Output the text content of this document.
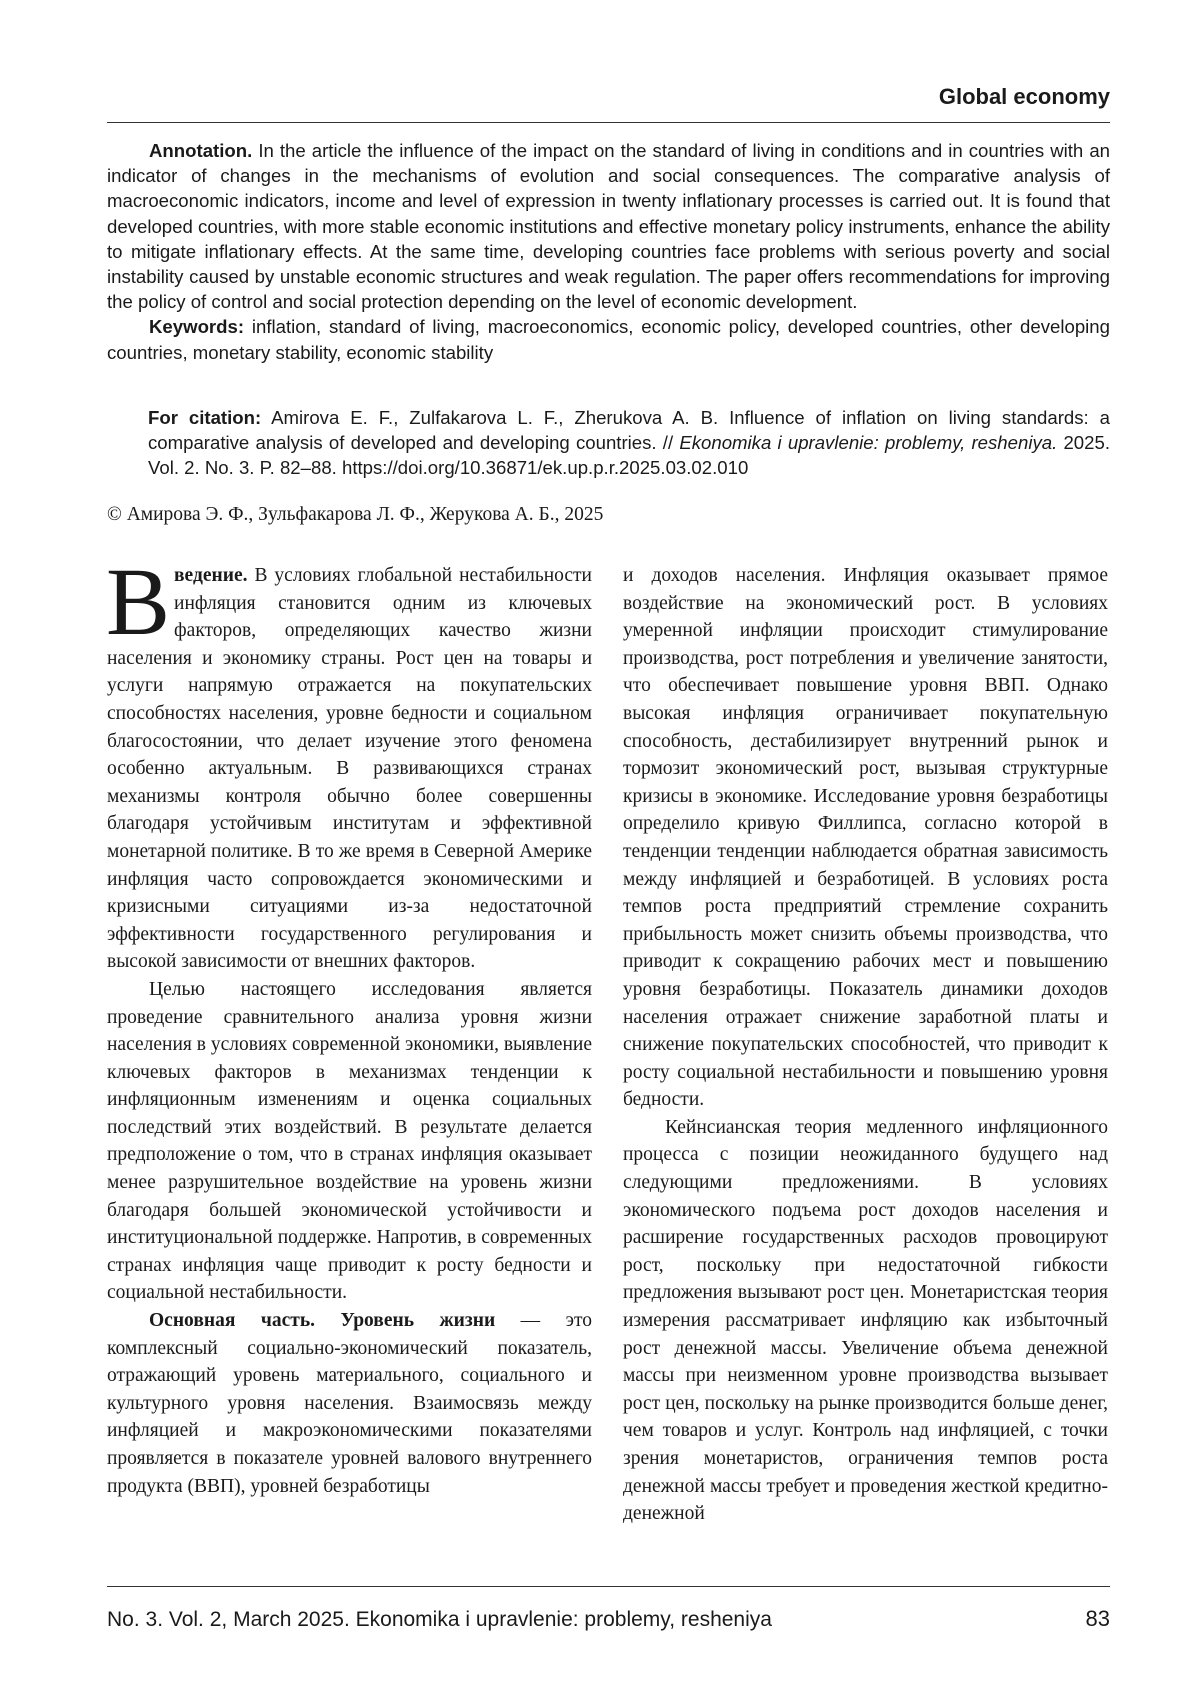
Global economy

Annotation. In the article the influence of the impact on the standard of living in conditions and in countries with an indicator of changes in the mechanisms of evolution and social consequences. The comparative analysis of macroeconomic indicators, income and level of expression in twenty inflationary processes is carried out. It is found that developed countries, with more stable economic institutions and effective monetary policy instruments, enhance the ability to mitigate inflationary effects. At the same time, developing countries face problems with serious poverty and social instability caused by unstable economic structures and weak regulation. The paper offers recommendations for improving the policy of control and social protection depending on the level of economic development.

Keywords: inflation, standard of living, macroeconomics, economic policy, developed countries, other developing countries, monetary stability, economic stability

For citation: Amirova E. F., Zulfakarova L. F., Zherukova A. B. Influence of inflation on living standards: a comparative analysis of developed and developing countries. // Ekonomika i upravlenie: problemy, resheniya. 2025. Vol. 2. No. 3. P. 82–88. https://doi.org/10.36871/ek.up.p.r.2025.03.02.010
© Амирова Э. Ф., Зульфакарова Л. Ф., Жерукова А. Б., 2025

Введение. В условиях глобальной нестабильности инфляция становится одним из ключевых факторов, определяющих качество жизни населения и экономику страны. Рост цен на товары и услуги напрямую отражается на покупательских способностях населения, уровне бедности и социальном благосостоянии, что делает изучение этого феномена особенно актуальным. В развивающихся странах механизмы контроля обычно более совершенны благодаря устойчивым институтам и эффективной монетарной политике. В то же время в Северной Америке инфляция часто сопровождается экономическими и кризисными ситуациями из-за недостаточной эффективности государственного регулирования и высокой зависимости от внешних факторов.

Целью настоящего исследования является проведение сравнительного анализа уровня жизни населения в условиях современной экономики, выявление ключевых факторов в механизмах тенденции к инфляционным изменениям и оценка социальных последствий этих воздействий. В результате делается предположение о том, что в странах инфляция оказывает менее разрушительное воздействие на уровень жизни благодаря большей экономической устойчивости и институциональной поддержке. Напротив, в современных странах инфляция чаще приводит к росту бедности и социальной нестабильности.

Основная часть. Уровень жизни — это комплексный социально-экономический показатель, отражающий уровень материального, социального и культурного уровня населения. Взаимосвязь между инфляцией и макроэкономическими показателями проявляется в показателе уровней валового внутреннего продукта (ВВП), уровней безработицы

и доходов населения. Инфляция оказывает прямое воздействие на экономический рост. В условиях умеренной инфляции происходит стимулирование производства, рост потребления и увеличение занятости, что обеспечивает повышение уровня ВВП. Однако высокая инфляция ограничивает покупательную способность, дестабилизирует внутренний рынок и тормозит экономический рост, вызывая структурные кризисы в экономике. Исследование уровня безработицы определило кривую Филлипса, согласно которой в тенденции тенденции наблюдается обратная зависимость между инфляцией и безработицей. В условиях роста темпов роста предприятий стремление сохранить прибыльность может снизить объемы производства, что приводит к сокращению рабочих мест и повышению уровня безработицы. Показатель динамики доходов населения отражает снижение заработной платы и снижение покупательских способностей, что приводит к росту социальной нестабильности и повышению уровня бедности.

Кейнсианская теория медленного инфляционного процесса с позиции неожиданного будущего над следующими предложениями. В условиях экономического подъема рост доходов населения и расширение государственных расходов провоцируют рост, поскольку при недостаточной гибкости предложения вызывают рост цен. Монетаристская теория измерения рассматривает инфляцию как избыточный рост денежной массы. Увеличение объема денежной массы при неизменном уровне производства вызывает рост цен, поскольку на рынке производится больше денег, чем товаров и услуг. Контроль над инфляцией, с точки зрения монетаристов, ограничения темпов роста денежной массы требует и проведения жесткой кредитно-денежной

No. 3. Vol. 2, March 2025. Ekonomika i upravlenie: problemy, resheniya	83
